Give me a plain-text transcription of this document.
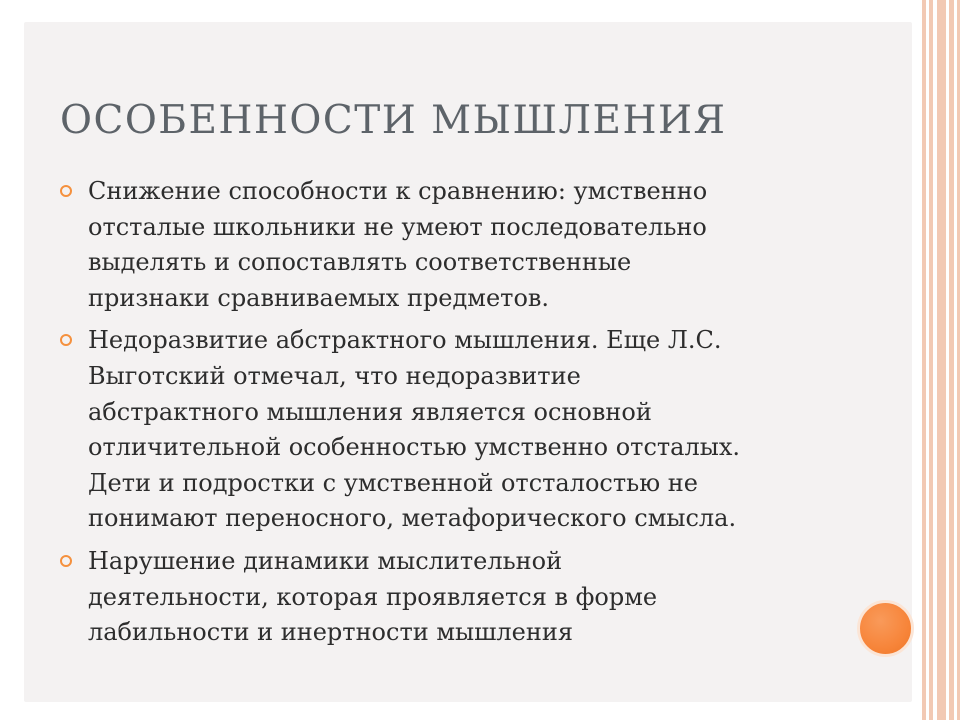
ОСОБЕННОСТИ МЫШЛЕНИЯ
Снижение способности к сравнению: умственно
отсталые школьники не умеют последовательно
выделять и сопоставлять соответственные
признаки сравниваемых предметов.
Недоразвитие абстрактного мышления. Еще Л.С.
Выготский отмечал, что недоразвитие
абстрактного мышления является основной
отличительной особенностью умственно отсталых.
Дети и подростки с умственной отсталостью не
понимают переносного, метафорического смысла.
Нарушение динамики мыслительной
деятельности, которая проявляется в форме
лабильности и инертности мышления
